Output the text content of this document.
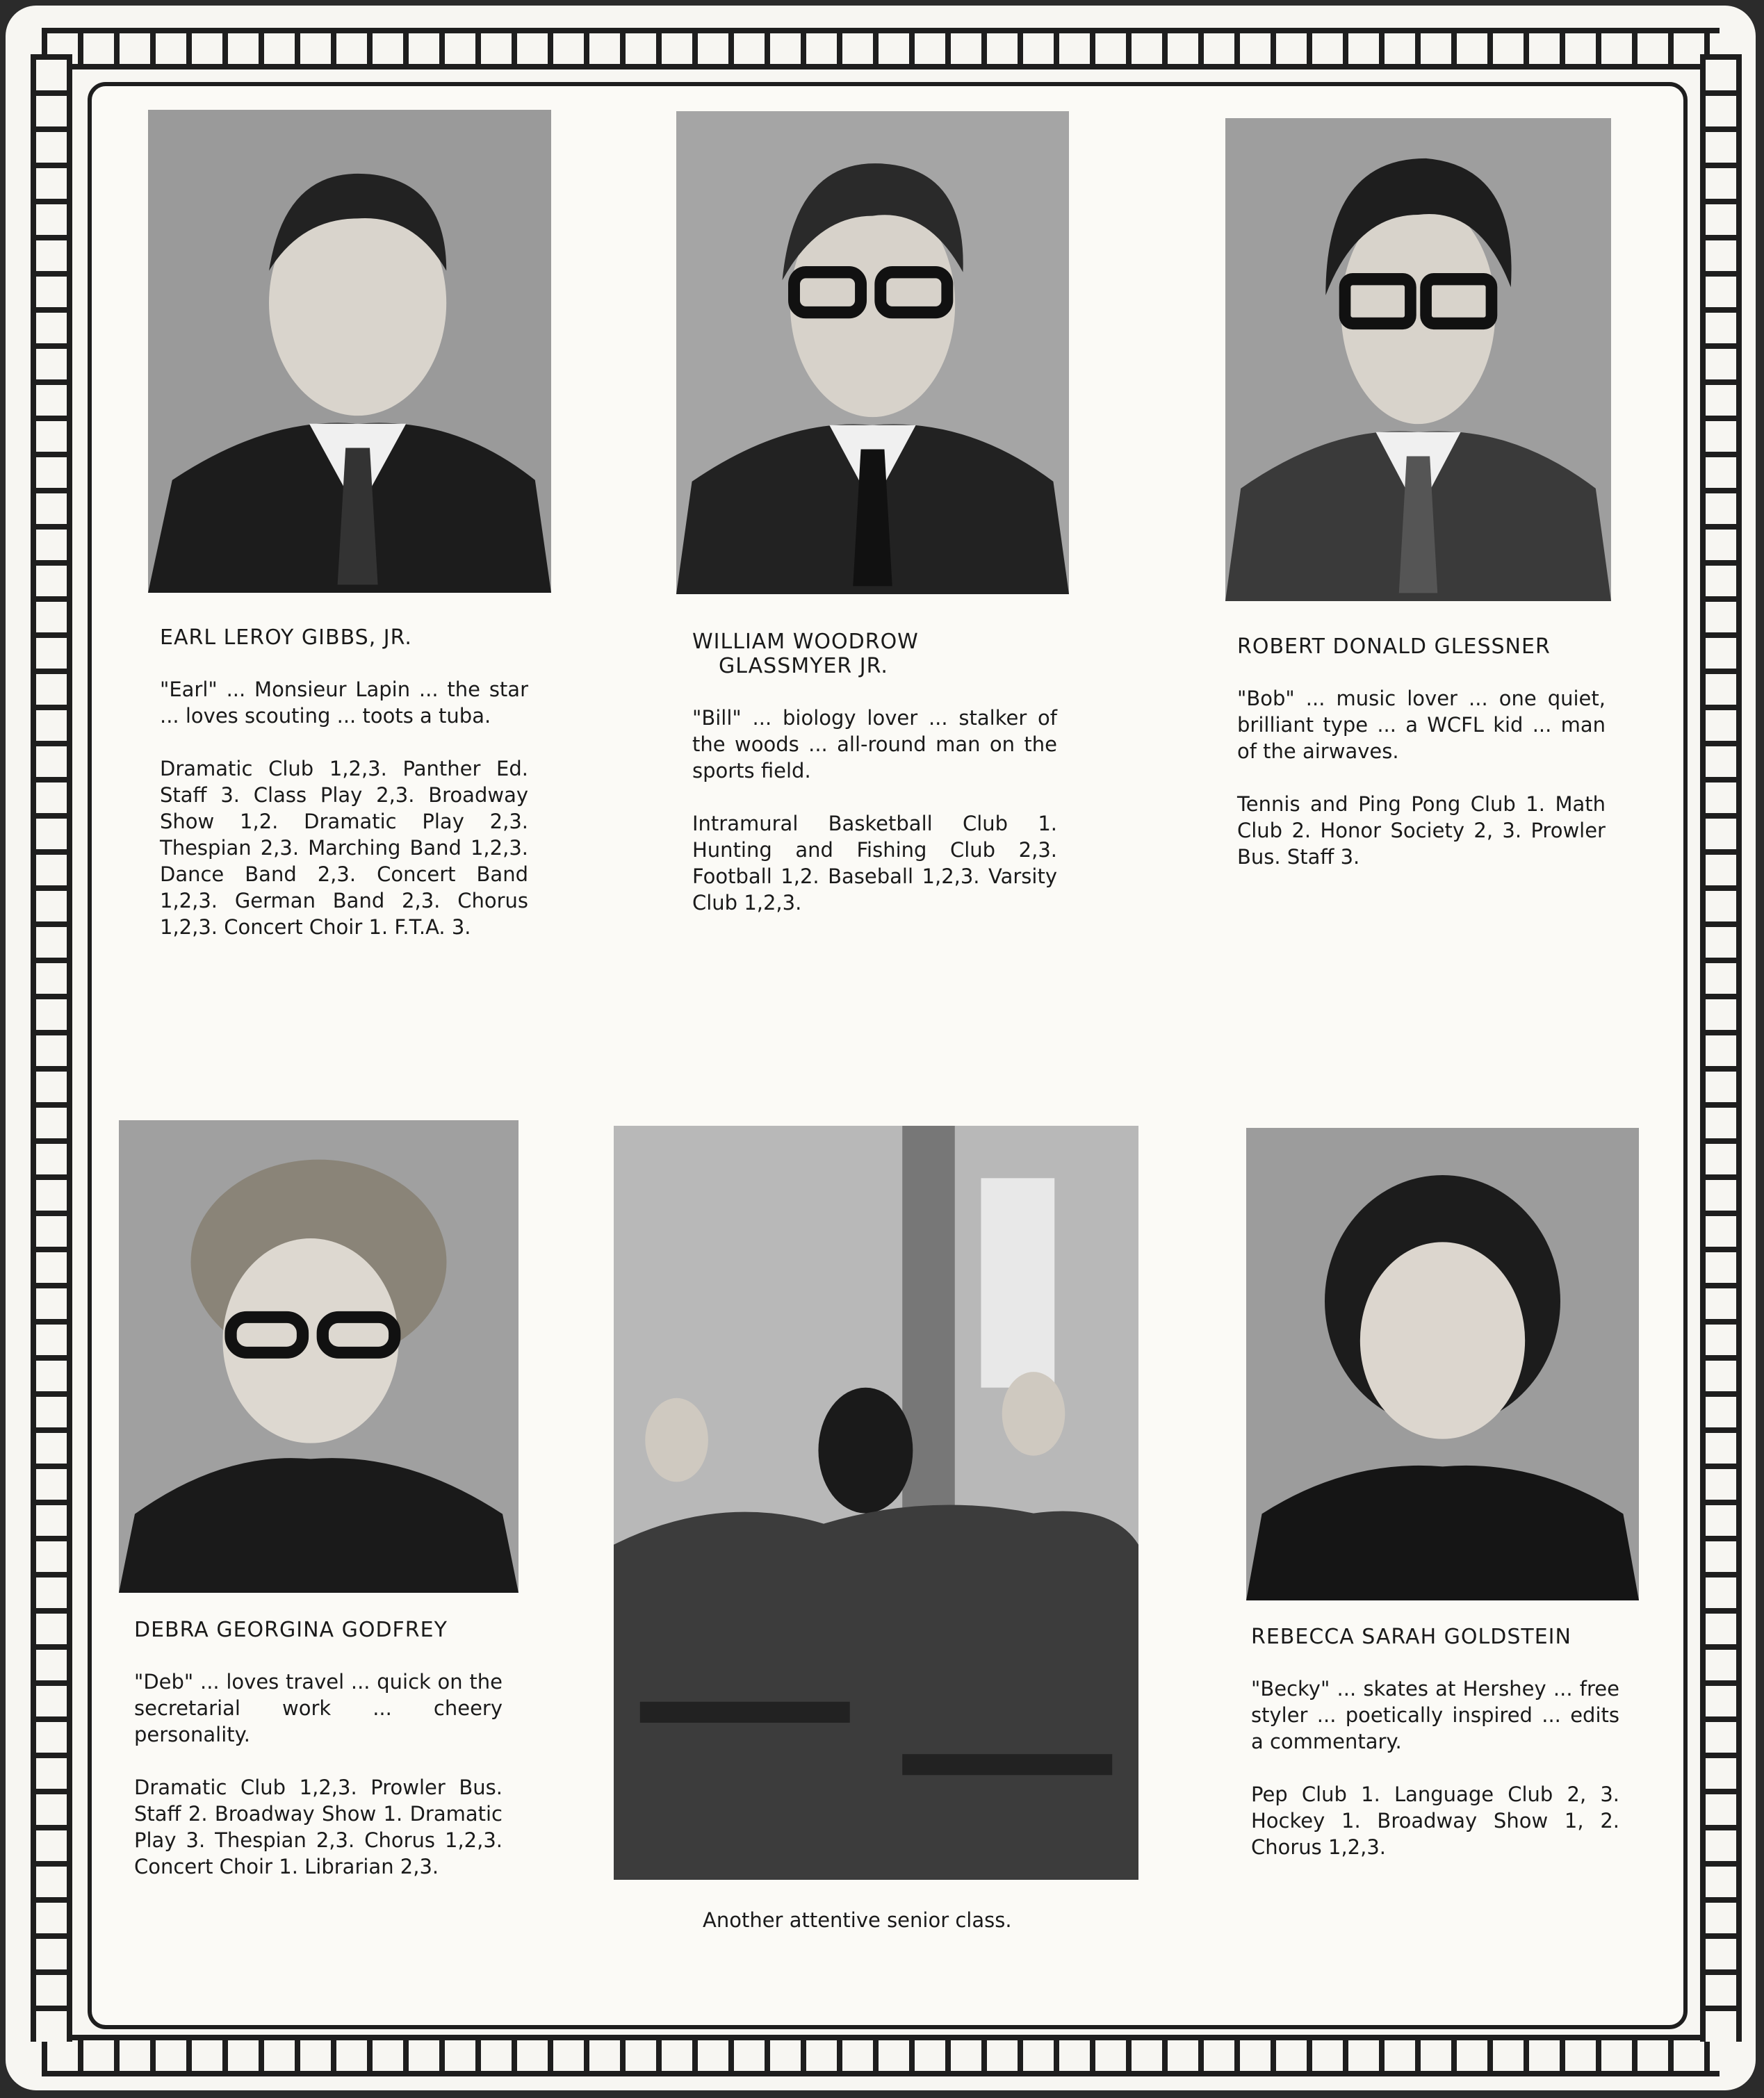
EARL LEROY GIBBS, JR.

"Earl" ... Monsieur Lapin ... the star ... loves scouting ... toots a tuba.

Dramatic Club 1,2,3. Panther Ed. Staff 3. Class Play 2,3. Broadway Show 1,2. Dramatic Play 2,3. Thespian 2,3. Marching Band 1,2,3. Dance Band 2,3. Concert Band 1,2,3. German Band 2,3. Chorus 1,2,3. Concert Choir 1. F.T.A. 3.

WILLIAM WOODROW

GLASSMYER JR.

"Bill" ... biology lover ... stalker of the woods ... all-round man on the sports field.

Intramural Basketball Club 1. Hunting and Fishing Club 2,3. Football 1,2. Baseball 1,2,3. Varsity Club 1,2,3.

ROBERT DONALD GLESSNER

"Bob" ... music lover ... one quiet, brilliant type ... a WCFL kid ... man of the airwaves.

Tennis and Ping Pong Club 1. Math Club 2. Honor Society 2, 3. Prowler Bus. Staff 3.

DEBRA GEORGINA GODFREY

"Deb" ... loves travel ... quick on the secretarial work ... cheery personality.

Dramatic Club 1,2,3. Prowler Bus. Staff 2. Broadway Show 1. Dramatic Play 3. Thespian 2,3. Chorus 1,2,3. Concert Choir 1. Librarian 2,3.

REBECCA SARAH GOLDSTEIN

"Becky" ... skates at Hershey ... free styler ... poetically inspired ... edits a commentary.

Pep Club 1. Language Club 2, 3. Hockey 1. Broadway Show 1, 2. Chorus 1,2,3.

Another attentive senior class.
